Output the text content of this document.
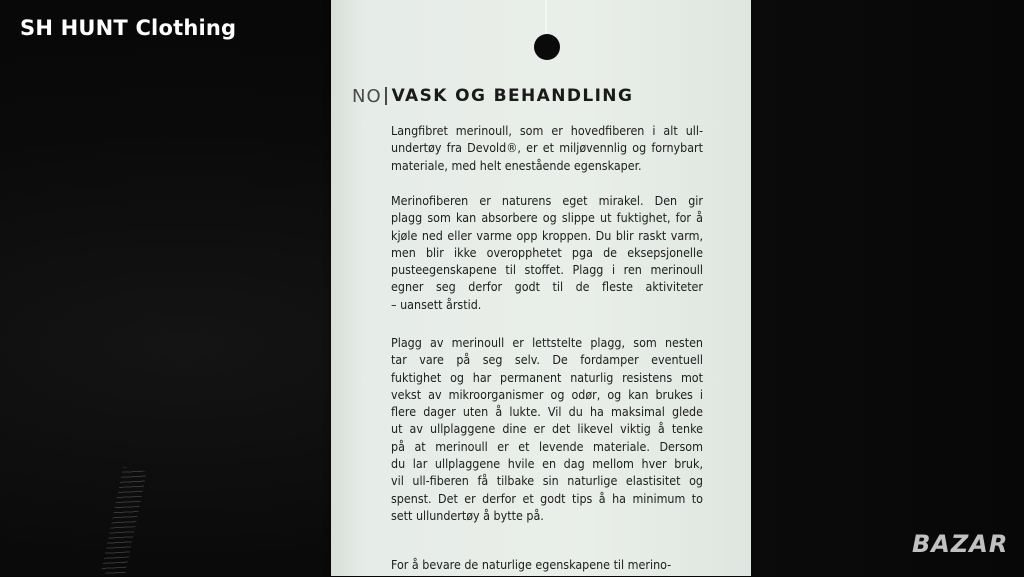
SH HUNT Clothing
NO VASK OG BEHANDLING
Langfibret merinoull, som er hovedfiberen i alt ull-
undertøy fra Devold®, er et miljøvennlig og fornybart
materiale, med helt enestående egenskaper.
Merinofiberen er naturens eget mirakel. Den gir
plagg som kan absorbere og slippe ut fuktighet, for å
kjøle ned eller varme opp kroppen. Du blir raskt varm,
men blir ikke overopphetet pga de eksepsjonelle
pusteegenskapene til stoffet. Plagg i ren merinoull
egner seg derfor godt til de fleste aktiviteter
– uansett årstid.
Plagg av merinoull er lettstelte plagg, som nesten
tar vare på seg selv. De fordamper eventuell
fuktighet og har permanent naturlig resistens mot
vekst av mikroorganismer og odør, og kan brukes i
flere dager uten å lukte. Vil du ha maksimal glede
ut av ullplaggene dine er det likevel viktig å tenke
på at merinoull er et levende materiale. Dersom
du lar ullplaggene hvile en dag mellom hver bruk,
vil ull-fiberen få tilbake sin naturlige elastisitet og
spenst. Det er derfor et godt tips å ha minimum to
sett ullundertøy å bytte på.
For å bevare de naturlige egenskapene til merino-
BAZAR
